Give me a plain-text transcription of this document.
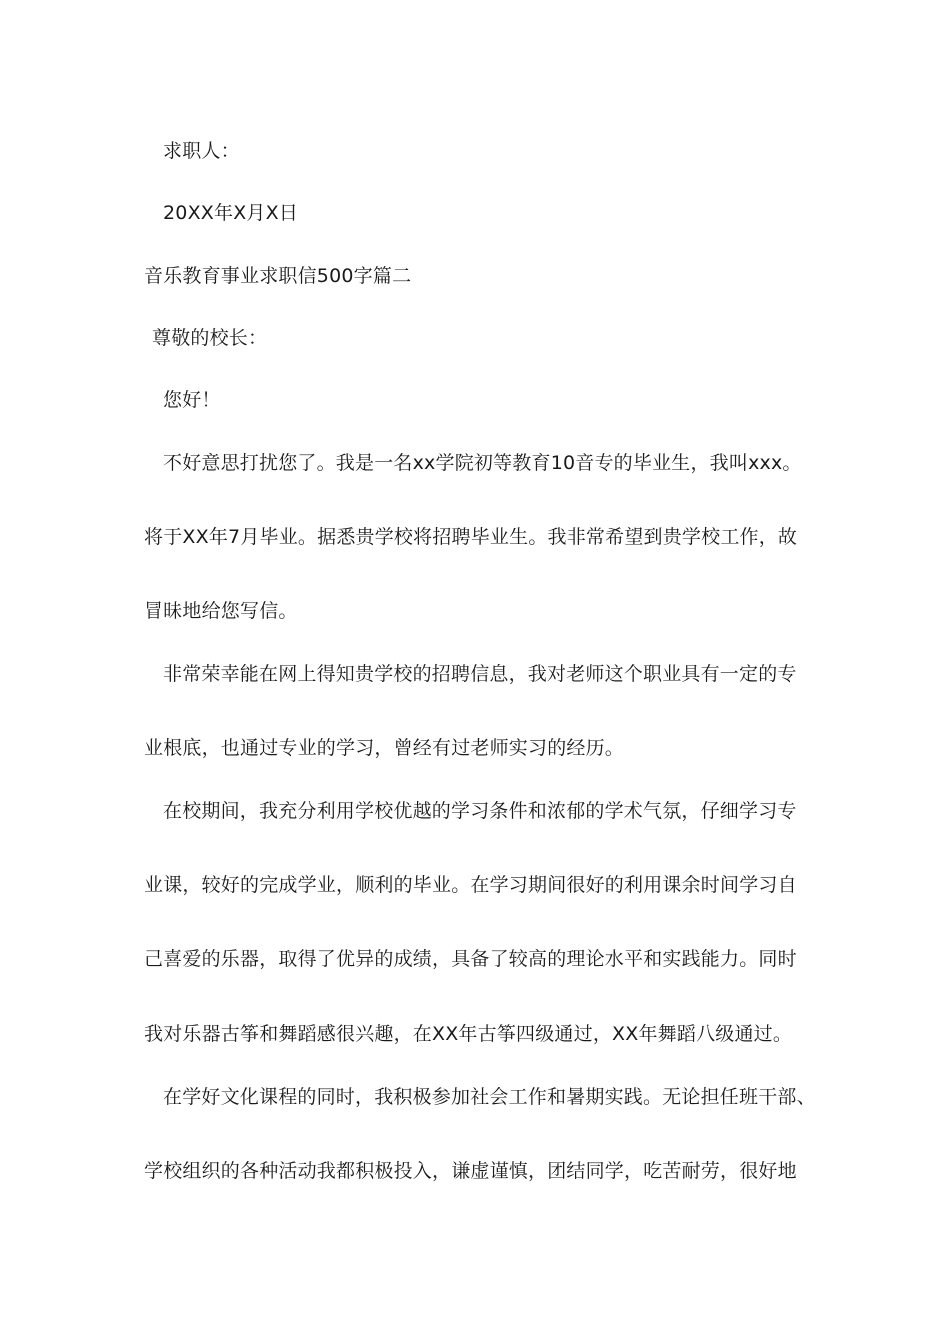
求职人：
20XX年X月X日
音乐教育事业求职信500字篇二
尊敬的校长：
您好！
不好意思打扰您了。我是一名xx学院初等教育10音专的毕业生，我叫xxx。
将于XX年7月毕业。据悉贵学校将招聘毕业生。我非常希望到贵学校工作，故
冒昧地给您写信。
非常荣幸能在网上得知贵学校的招聘信息，我对老师这个职业具有一定的专
业根底，也通过专业的学习，曾经有过老师实习的经历。
在校期间，我充分利用学校优越的学习条件和浓郁的学术气氛，仔细学习专
业课，较好的完成学业，顺利的毕业。在学习期间很好的利用课余时间学习自
己喜爱的乐器，取得了优异的成绩，具备了较高的理论水平和实践能力。同时
我对乐器古筝和舞蹈感很兴趣，在XX年古筝四级通过，XX年舞蹈八级通过。
在学好文化课程的同时，我积极参加社会工作和暑期实践。无论担任班干部、
学校组织的各种活动我都积极投入，谦虚谨慎，团结同学，吃苦耐劳，很好地
